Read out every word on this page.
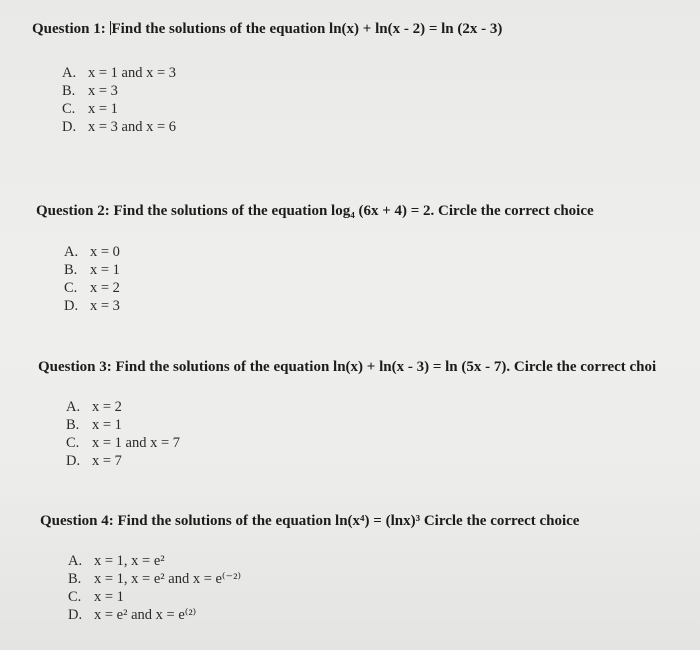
Question 1: Find the solutions of the equation ln(x) + ln(x - 2) = ln (2x - 3)
A. x = 1 and x = 3
B. x = 3
C. x = 1
D. x = 3 and x = 6
Question 2: Find the solutions of the equation log₄ (6x + 4) = 2. Circle the correct choice
A. x = 0
B. x = 1
C. x = 2
D. x = 3
Question 3: Find the solutions of the equation ln(x) + ln(x - 3) = ln (5x - 7). Circle the correct choi
A. x = 2
B. x = 1
C. x = 1 and x = 7
D. x = 7
Question 4: Find the solutions of the equation ln(x⁴) = (lnx)³ Circle the correct choice
A. x = 1, x = e²
B. x = 1, x = e² and x = e⁽⁻²⁾
C. x = 1
D. x = e² and x = e⁽²⁾
